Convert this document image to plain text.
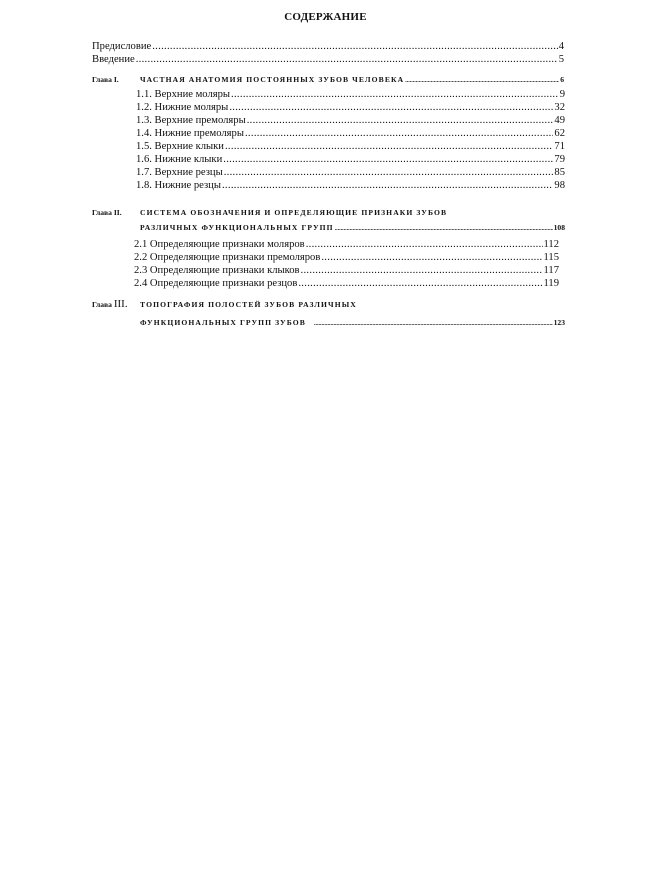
СОДЕРЖАНИЕ
Предисловие .....	4
Введение .....	5
Глава I.	ЧАСТНАЯ АНАТОМИЯ ПОСТОЯННЫХ ЗУБОВ ЧЕЛОВЕКА .....	6
1.1. Верхние моляры .....	9
1.2. Нижние моляры .....	32
1.3. Верхние премоляры .....	49
1.4. Нижние премоляры .....	62
1.5. Верхние клыки .....	71
1.6. Нижние клыки .....	79
1.7. Верхние резцы .....	85
1.8. Нижние резцы .....	98
Глава II.	СИСТЕМА ОБОЗНАЧЕНИЯ И ОПРЕДЕЛЯЮЩИЕ ПРИЗНАКИ ЗУБОВ
РАЗЛИЧНЫХ ФУНКЦИОНАЛЬНЫХ ГРУПП .....	108
2.1 Определяющие признаки моляров .....	112
2.2 Определяющие признаки премоляров .....	115
2.3 Определяющие признаки клыков .....	117
2.4 Определяющие признаки резцов .....	119
Глава III.	ТОПОГРАФИЯ ПОЛОСТЕЙ ЗУБОВ РАЗЛИЧНЫХ
ФУНКЦИОНАЛЬНЫХ ГРУПП ЗУБОВ .....	123
